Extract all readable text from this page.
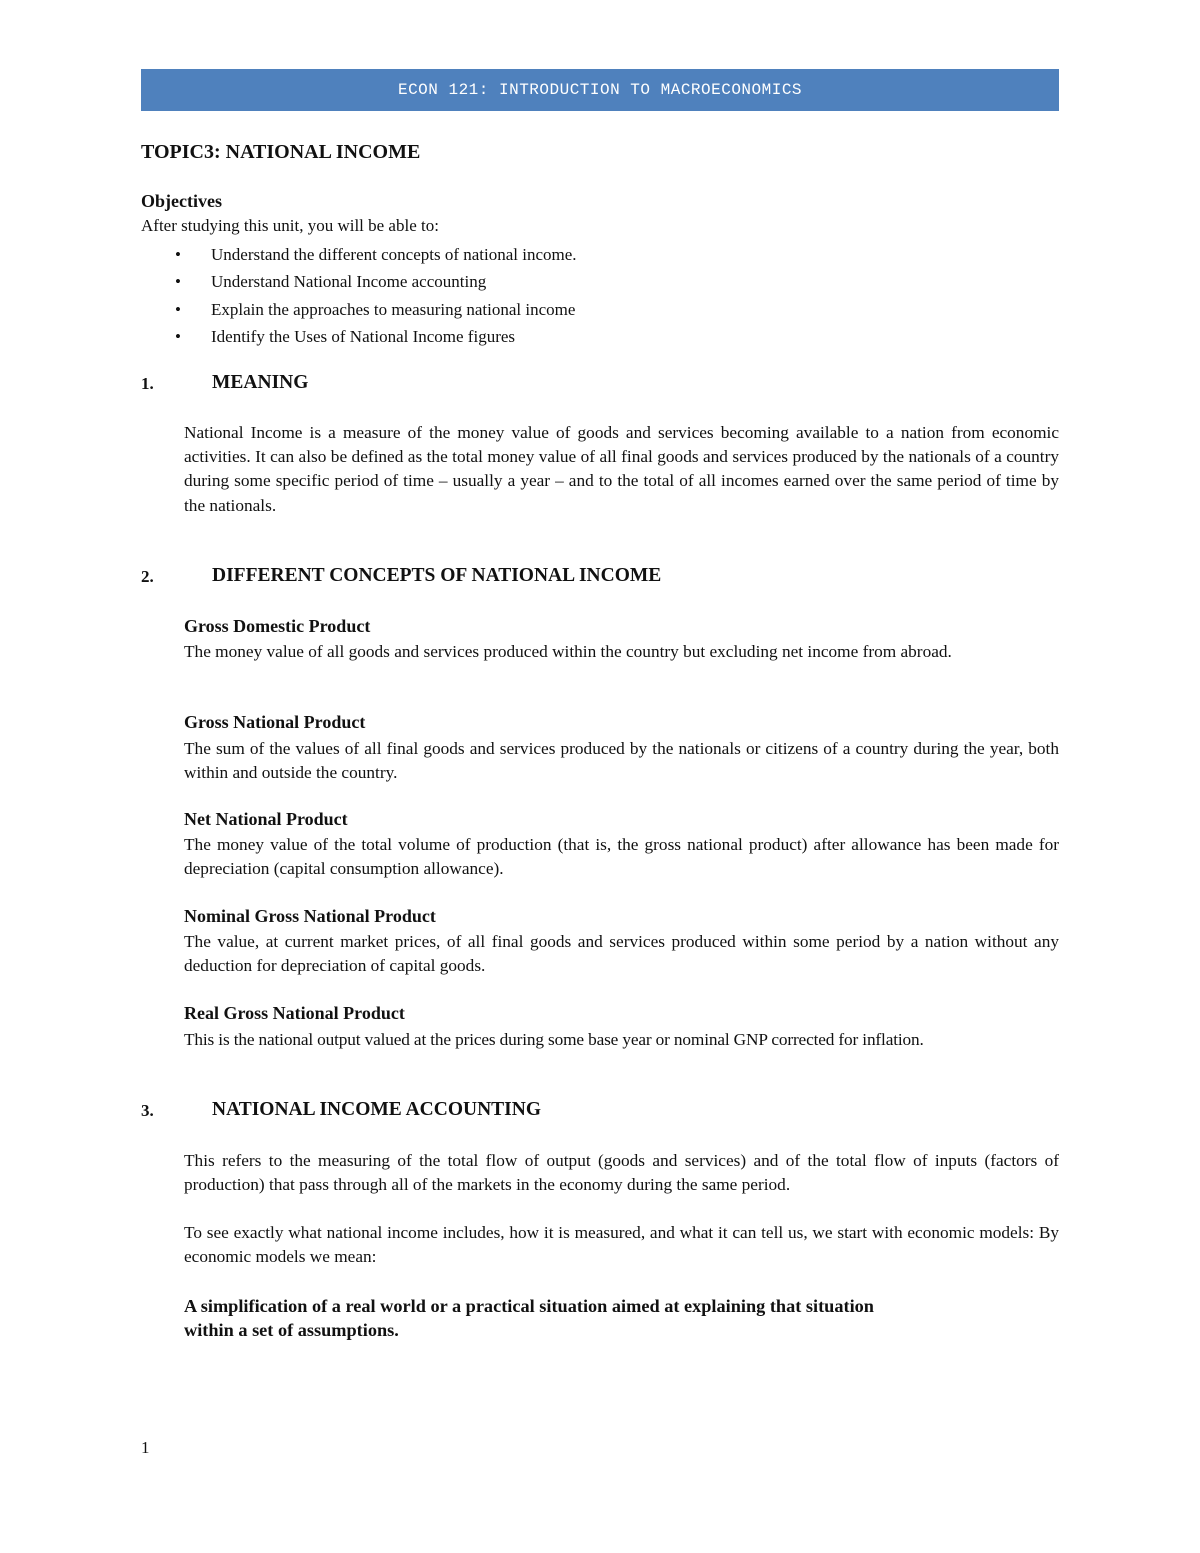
ECON 121: INTRODUCTION TO MACROECONOMICS
TOPIC3: NATIONAL INCOME
Objectives
After studying this unit, you will be able to:
• Understand the different concepts of national income.
• Understand National Income accounting
• Explain the approaches to measuring national income
• Identify the Uses of National Income figures
1.	MEANING
National Income is a measure of the money value of goods and services becoming available to a nation from economic activities. It can also be defined as the total money value of all final goods and services produced by the nationals of a country during some specific period of time – usually a year – and to the total of all incomes earned over the same period of time by the nationals.
2.	DIFFERENT CONCEPTS OF NATIONAL INCOME
Gross Domestic Product
The money value of all goods and services produced within the country but excluding net income from abroad.
Gross National Product
The sum of the values of all final goods and services produced by the nationals or citizens of a country during the year, both within and outside the country.
Net National Product
The money value of the total volume of production (that is, the gross national product) after allowance has been made for depreciation (capital consumption allowance).
Nominal Gross National Product
The value, at current market prices, of all final goods and services produced within some period by a nation without any deduction for depreciation of capital goods.
Real Gross National Product
This is the national output valued at the prices during some base year or nominal GNP corrected for inflation.
3.	NATIONAL INCOME ACCOUNTING
This refers to the measuring of the total flow of output (goods and services) and of the total flow of inputs (factors of production) that pass through all of the markets in the economy during the same period.
To see exactly what national income includes, how it is measured, and what it can tell us, we start with economic models: By economic models we mean:
A simplification of a real world or a practical situation aimed at explaining that situation
within a set of assumptions.
1
